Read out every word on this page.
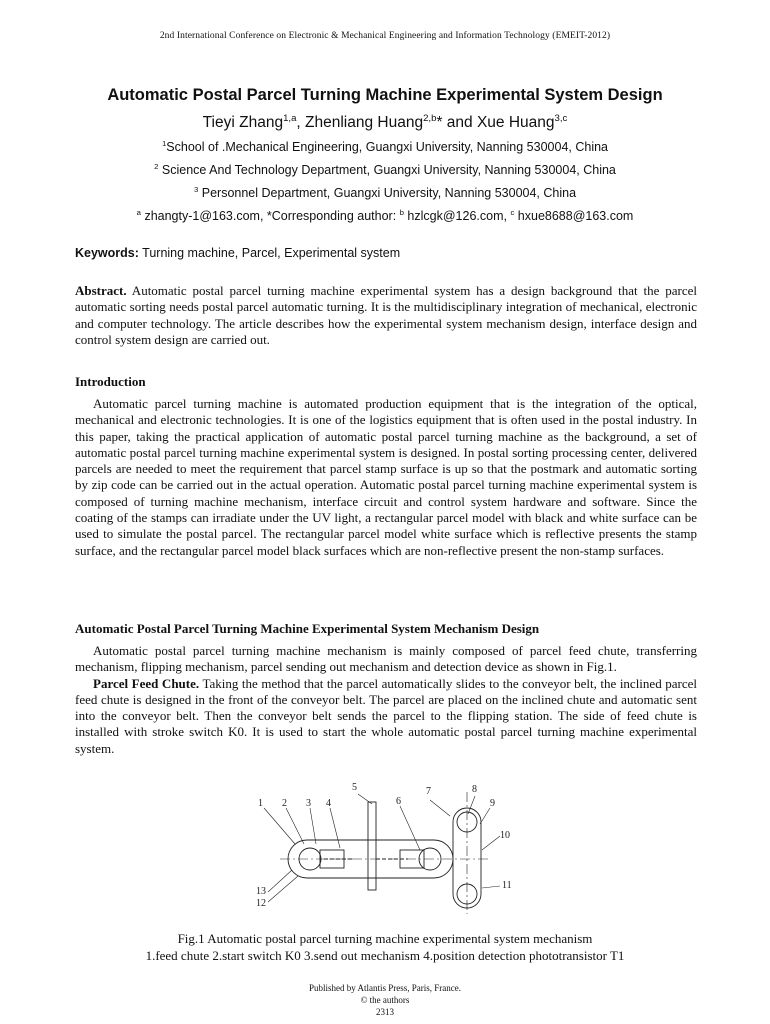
2nd International Conference on Electronic & Mechanical Engineering and Information Technology (EMEIT-2012)
Automatic Postal Parcel Turning Machine Experimental System Design
Tieyi Zhang$^{1,a}$, Zhenliang Huang$^{2,b}$* and Xue Huang$^{3,c}$
$^1$School of .Mechanical Engineering, Guangxi University, Nanning 530004, China
$^2$ Science And Technology Department, Guangxi University, Nanning 530004, China
$^3$ Personnel Department, Guangxi University, Nanning 530004, China
$^a$ zhangty-1@163.com, *Corresponding author: $^b$ hzlcgk@126.com, $^c$ hxue8688@163.com
Keywords: Turning machine, Parcel, Experimental system

Abstract. Automatic postal parcel turning machine experimental system has a design background that the parcel automatic sorting needs postal parcel automatic turning. It is the multidisciplinary integration of mechanical, electronic and computer technology. The article describes how the experimental system mechanism design, interface design and control system design are carried out.

Introduction

Automatic parcel turning machine is automated production equipment that is the integration of the optical, mechanical and electronic technologies. It is one of the logistics equipment that is often used in the postal industry. In this paper, taking the practical application of automatic postal parcel turning machine as the background, a set of automatic postal parcel turning machine experimental system is designed. In postal sorting processing center, delivered parcels are needed to meet the requirement that parcel stamp surface is up so that the postmark and automatic sorting by zip code can be carried out in the actual operation. Automatic postal parcel turning machine experimental system is composed of turning machine mechanism, interface circuit and control system hardware and software. Since the coating of the stamps can irradiate under the UV light, a rectangular parcel model with black and white surface can be used to simulate the postal parcel. The rectangular parcel model white surface which is reflective presents the stamp surface, and the rectangular parcel model black surfaces which are non-reflective present the non-stamp surfaces.

Automatic Postal Parcel Turning Machine Experimental System Mechanism Design

Automatic postal parcel turning machine mechanism is mainly composed of parcel feed chute, transferring mechanism, flipping mechanism, parcel sending out mechanism and detection device as shown in Fig.1.

Parcel Feed Chute. Taking the method that the parcel automatically slides to the conveyor belt, the inclined parcel feed chute is designed in the front of the conveyor belt. The parcel are placed on the inclined chute and automatic sent into the conveyor belt. Then the conveyor belt sends the parcel to the flipping station. The side of feed chute is installed with stroke switch K0. It is used to start the whole automatic postal parcel turning machine experimental system.

1 2 3 4
5
6
7	8
9
10
11
12
13
Fig.1 Automatic postal parcel turning machine experimental system mechanism
1.feed chute 2.start switch K0 3.send out mechanism 4.position detection phototransistor T1
Published by Atlantis Press, Paris, France.
© the authors
2313
